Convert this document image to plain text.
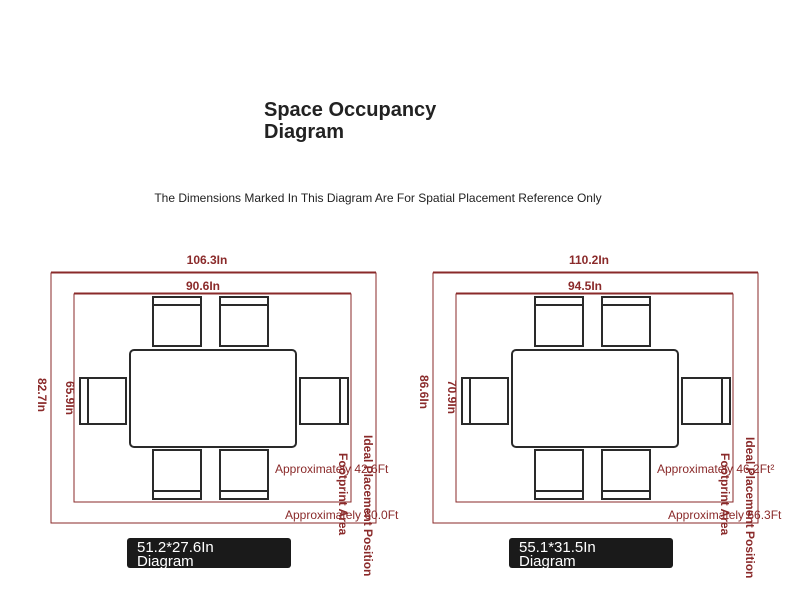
Space Occupancy Diagram
The Dimensions Marked In This Diagram Are For Spatial Placement Reference Only
106.3In
90.6In
82.7In 65.9In
Approximately 42.6Ft
Approximately 60.0Ft
Footprint Area Ideal Placement Position
110.2In
94.5In
86.6In 70.9In
Approximately 46.2Ft²
Approximately 66.3Ft
Footprint Area Ideal Placement Position
51.2*27.6In
Diagram
55.1*31.5In
Diagram
